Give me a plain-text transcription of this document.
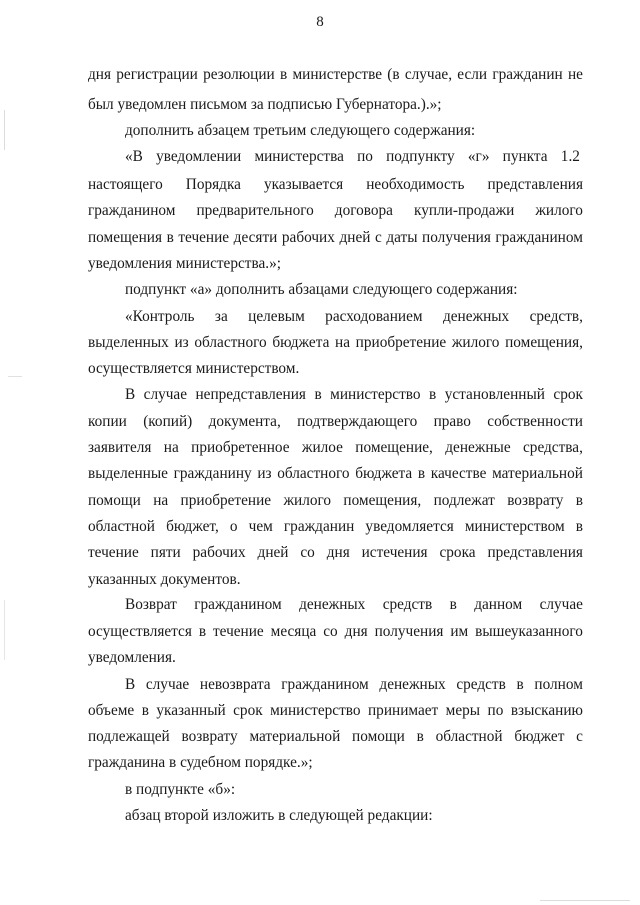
8
дня регистрации резолюции в министерстве (в случае, если гражданин не
был уведомлен письмом за подписью Губернатора.).»;
дополнить абзацем третьим следующего содержания:
«В уведомлении министерства по подпункту «г» пункта 1.2
настоящего Порядка указывается необходимость представления
гражданином предварительного договора купли-продажи жилого
помещения в течение десяти рабочих дней с даты получения гражданином
уведомления министерства.»;
подпункт «а» дополнить абзацами следующего содержания:
«Контроль за целевым расходованием денежных средств,
выделенных из областного бюджета на приобретение жилого помещения,
осуществляется министерством.
В случае непредставления в министерство в установленный срок
копии (копий) документа, подтверждающего право собственности
заявителя на приобретенное жилое помещение, денежные средства,
выделенные гражданину из областного бюджета в качестве материальной
помощи на приобретение жилого помещения, подлежат возврату в
областной бюджет, о чем гражданин уведомляется министерством в
течение пяти рабочих дней со дня истечения срока представления
указанных документов.
Возврат гражданином денежных средств в данном случае
осуществляется в течение месяца со дня получения им вышеуказанного
уведомления.
В случае невозврата гражданином денежных средств в полном
объеме в указанный срок министерство принимает меры по взысканию
подлежащей возврату материальной помощи в областной бюджет с
гражданина в судебном порядке.»;
в подпункте «б»:
абзац второй изложить в следующей редакции:
